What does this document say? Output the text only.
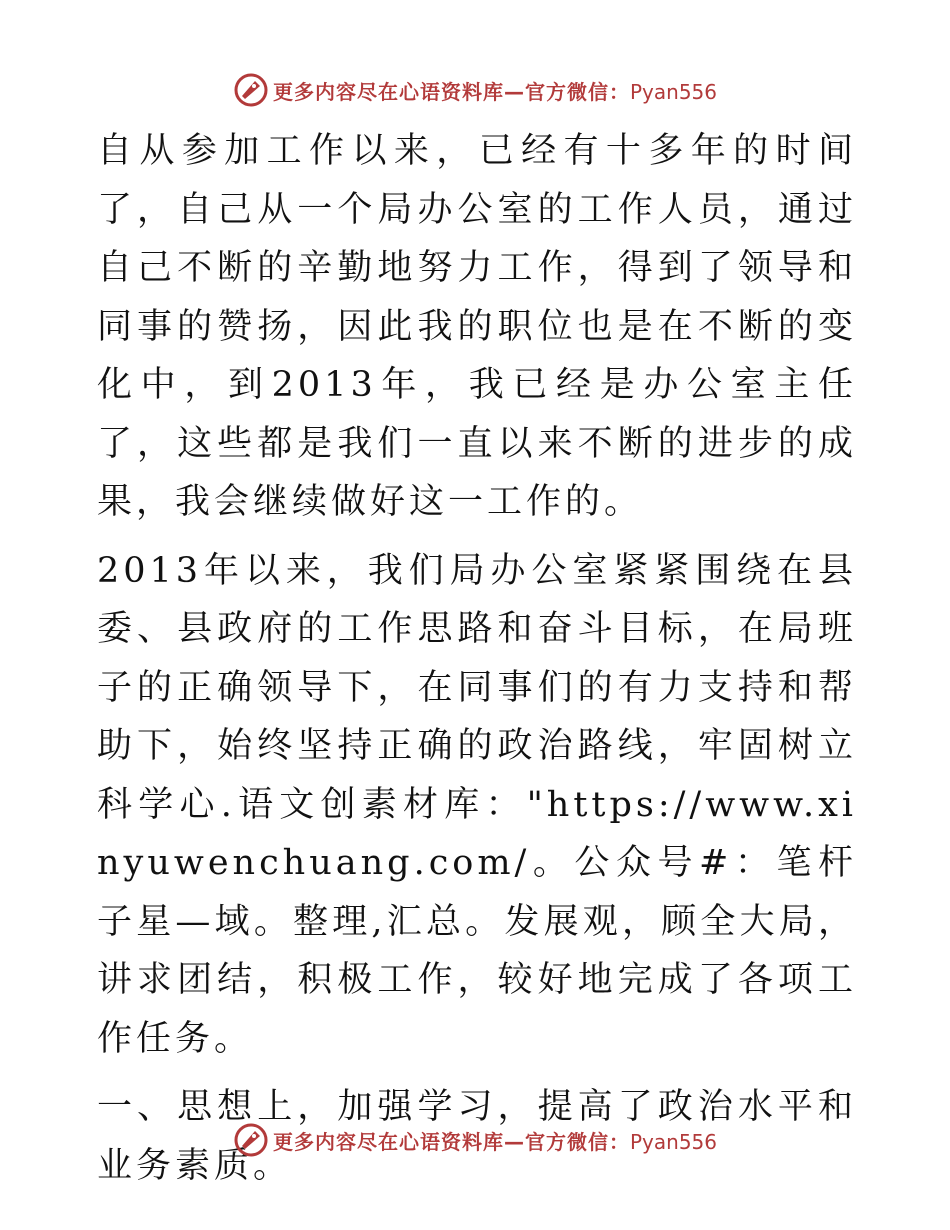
更多内容尽在心语资料库—官方微信：Pyan556

自从参加工作以来，已经有十多年的时间了，自己从一个局办公室的工作人员，通过自己不断的辛勤地努力工作，得到了领导和同事的赞扬，因此我的职位也是在不断的变化中，到2013年，我已经是办公室主任了，这些都是我们一直以来不断的进步的成果，我会继续做好这一工作的。

2013年以来，我们局办公室紧紧围绕在县委、县政府的工作思路和奋斗目标，在局班子的正确领导下，在同事们的有力支持和帮助下，始终坚持正确的政治路线，牢固树立科学心.语文创素材库："https://www.xinyuwenchuang.com/。公众号#：笔杆子星—域。整理,汇总。发展观，顾全大局，讲求团结，积极工作，较好地完成了各项工作任务。

一、思想上，加强学习，提高了政治水平和业务素质。

更多内容尽在心语资料库—官方微信：Pyan556
